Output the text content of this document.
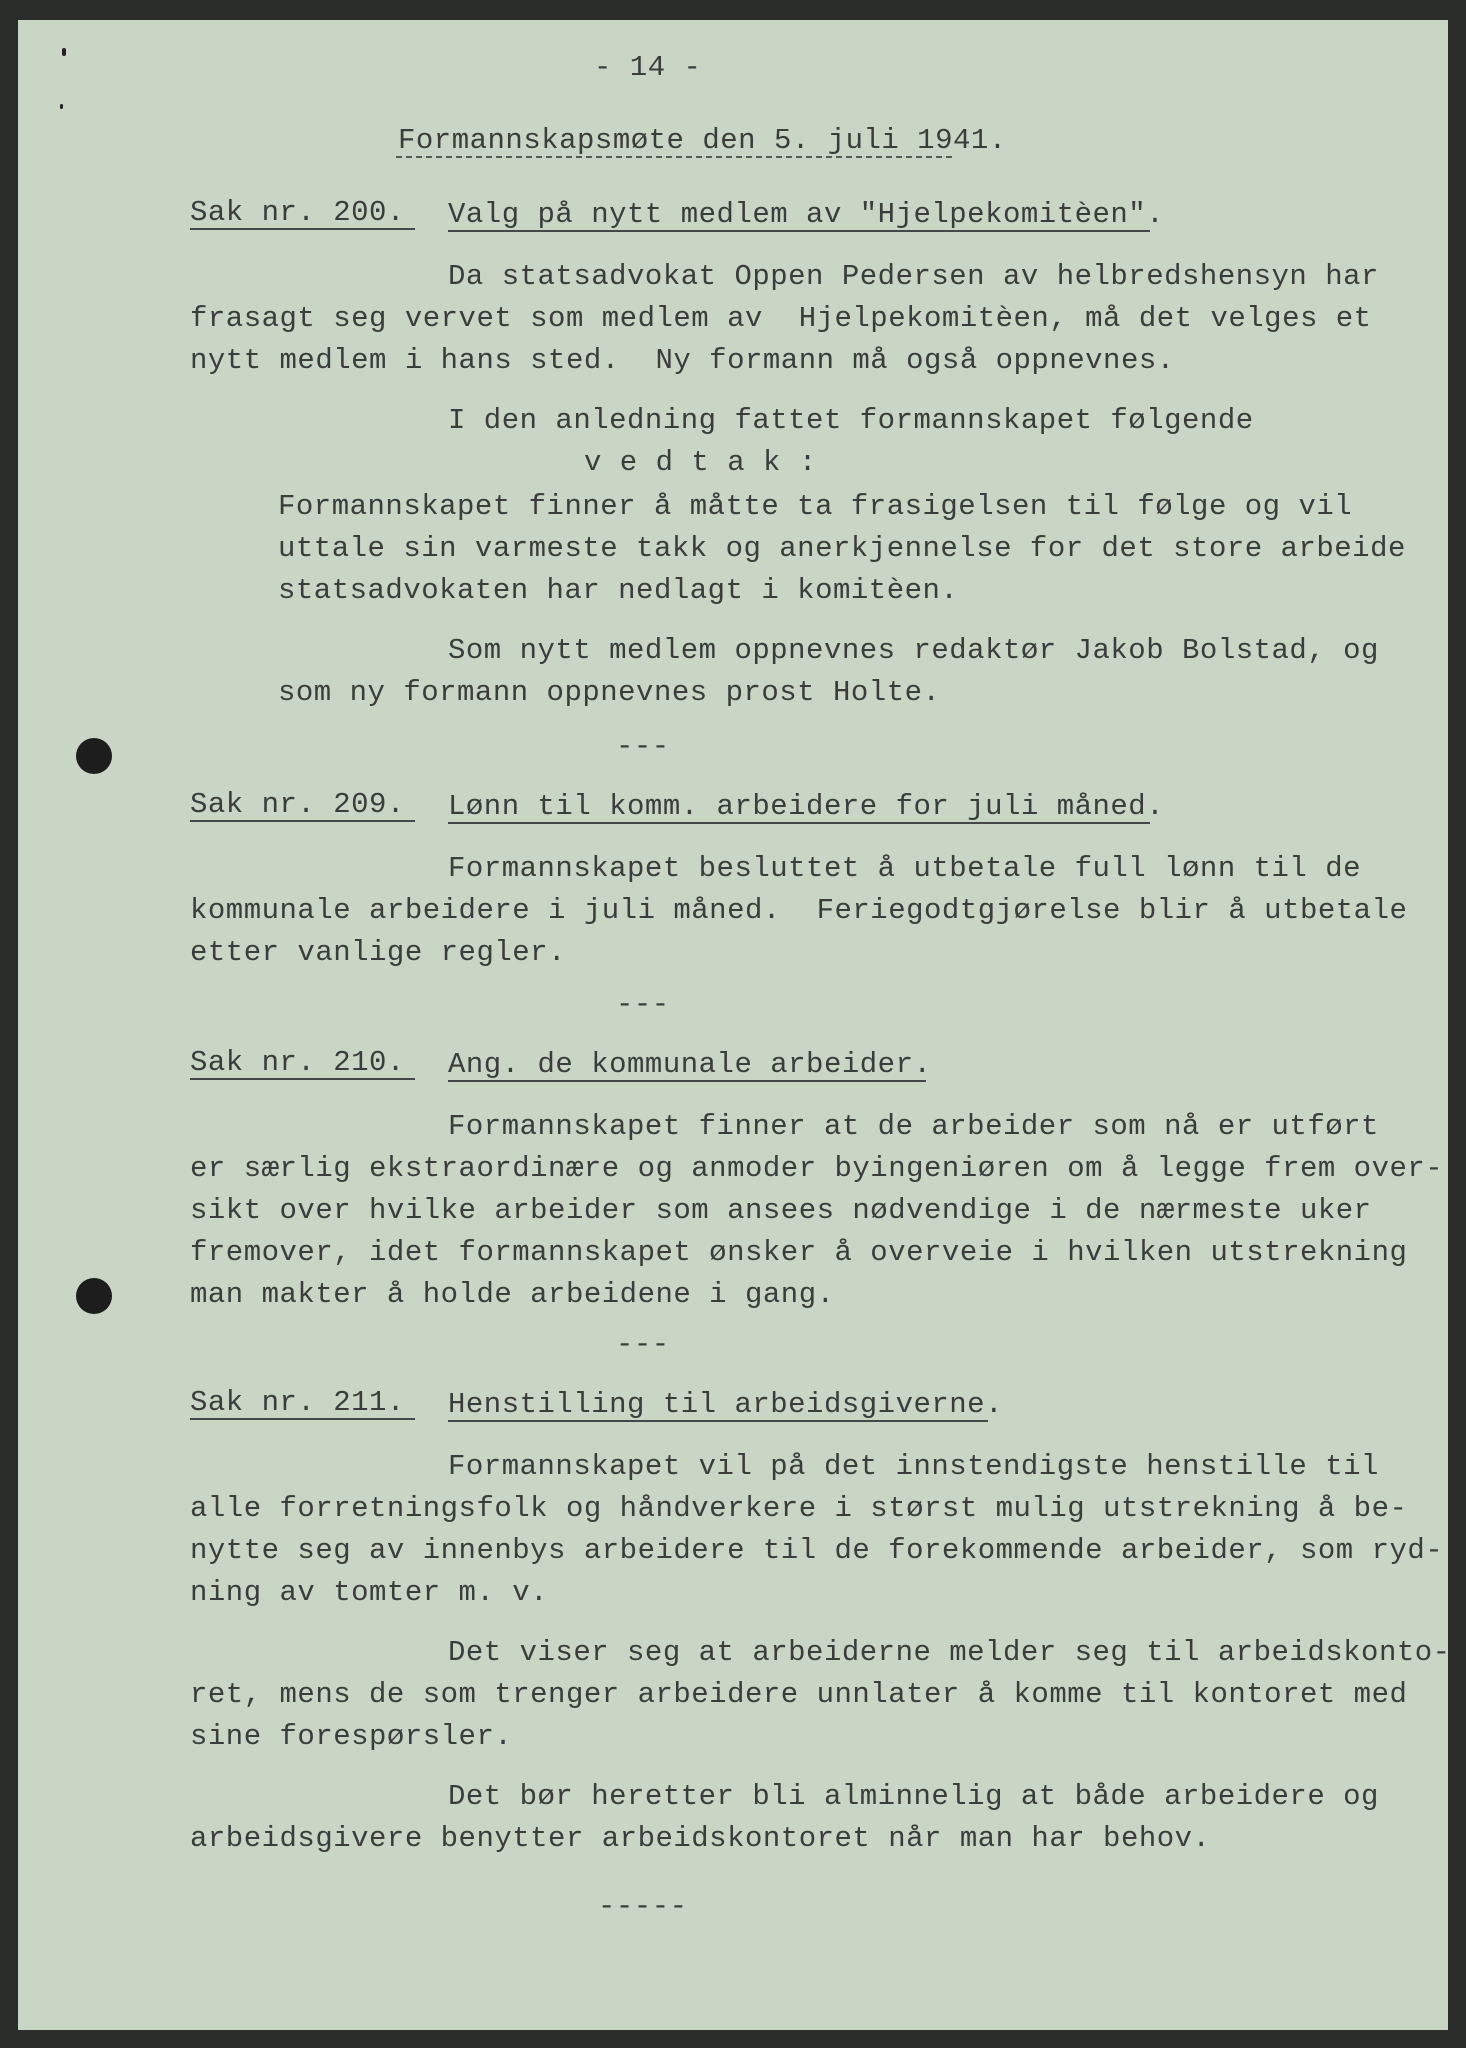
- 14 -
Formannskapsmøte den 5. juli 1941.
Sak nr. 200. Valg på nytt medlem av "Hjelpekomitèen".
Da statsadvokat Oppen Pedersen av helbredshensyn har
frasagt seg vervet som medlem av  Hjelpekomitèen, må det velges et
nytt medlem i hans sted.  Ny formann må også oppnevnes.
I den anledning fattet formannskapet følgende
v e d t a k :
Formannskapet finner å måtte ta frasigelsen til følge og vil
uttale sin varmeste takk og anerkjennelse for det store arbeide
statsadvokaten har nedlagt i komitèen.
Som nytt medlem oppnevnes redaktør Jakob Bolstad, og
som ny formann oppnevnes prost Holte.
---
Sak nr. 209. Lønn til komm. arbeidere for juli måned.
Formannskapet besluttet å utbetale full lønn til de
kommunale arbeidere i juli måned.  Feriegodtgjørelse blir å utbetale
etter vanlige regler.
---
Sak nr. 210. Ang. de kommunale arbeider.
Formannskapet finner at de arbeider som nå er utført
er særlig ekstraordinære og anmoder byingeniøren om å legge frem over-
sikt over hvilke arbeider som ansees nødvendige i de nærmeste uker
fremover, idet formannskapet ønsker å overveie i hvilken utstrekning
man makter å holde arbeidene i gang.
---
Sak nr. 211. Henstilling til arbeidsgiverne.
Formannskapet vil på det innstendigste henstille til
alle forretningsfolk og håndverkere i størst mulig utstrekning å be-
nytte seg av innenbys arbeidere til de forekommende arbeider, som ryd-
ning av tomter m. v.
Det viser seg at arbeiderne melder seg til arbeidskonto-
ret, mens de som trenger arbeidere unnlater å komme til kontoret med
sine forespørsler.
Det bør heretter bli alminnelig at både arbeidere og
arbeidsgivere benytter arbeidskontoret når man har behov.
-----
